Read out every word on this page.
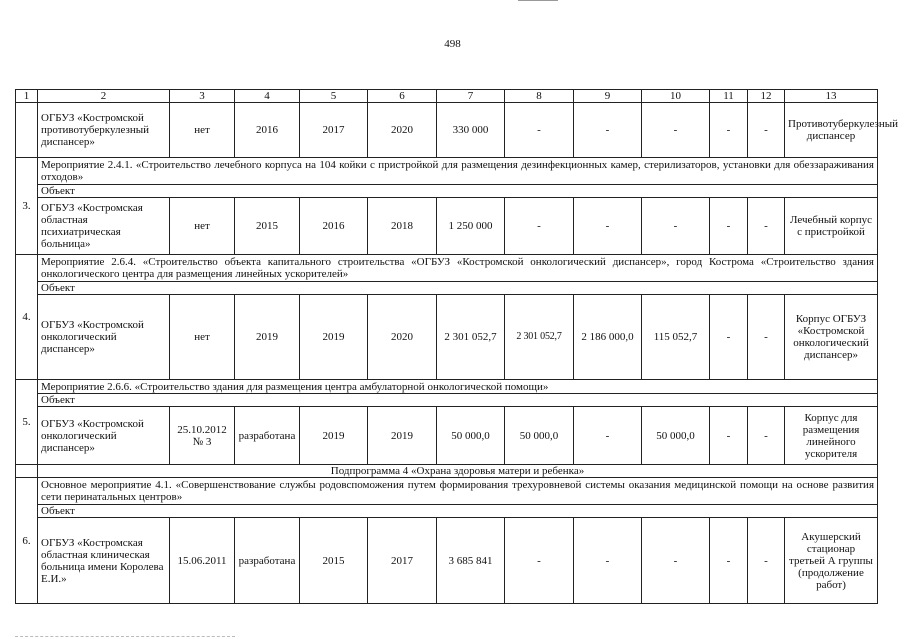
498
1	2	3	4	5	6	7	8	9	10	11	12	13
	ОГБУЗ «Костромской противотуберкулезный диспансер»	нет	2016	2017	2020	330 000	-	-	-	-	-	Противотуберкулезный диспансер
3.	Мероприятие 2.4.1. «Строительство лечебного корпуса на 104 койки с пристройкой для размещения дезинфекционных камер, стерилизаторов, установки для обеззараживания отходов»											
	Объект											
	ОГБУЗ «Костромская областная психиатрическая больница»	нет	2015	2016	2018	1 250 000	-	-	-	-	-	Лечебный корпус с пристройкой
4.	Мероприятие 2.6.4. «Строительство объекта капитального строительства «ОГБУЗ «Костромской онкологический диспансер», город Кострома «Строительство здания онкологического центра для размещения линейных ускорителей»											
	Объект											
	ОГБУЗ «Костромской онкологический диспансер»	нет	2019	2019	2020	2 301 052,7	2 301 052,7	2 186 000,0	115 052,7	-	-	Корпус ОГБУЗ «Костромской онкологический диспансер»
5.	Мероприятие 2.6.6. «Строительство здания для размещения центра амбулаторной онкологической помощи»											
	Объект											
	ОГБУЗ «Костромской онкологический диспансер»	25.10.2012 № 3	разработана	2019	2019	50 000,0	50 000,0	-	50 000,0	-	-	Корпус для размещения линейного ускорителя
	Подпрограмма 4 «Охрана здоровья матери и ребенка»											
6.	Основное мероприятие 4.1. «Совершенствование службы родовспоможения путем формирования трехуровневой системы оказания медицинской помощи на основе развития сети перинатальных центров»											
	Объект											
	ОГБУЗ «Костромская областная клиническая больница имени Королева Е.И.»	15.06.2011	разработана	2015	2017	3 685 841	-	-	-	-	-	Акушерский стационар третьей А группы (продолжение работ)
